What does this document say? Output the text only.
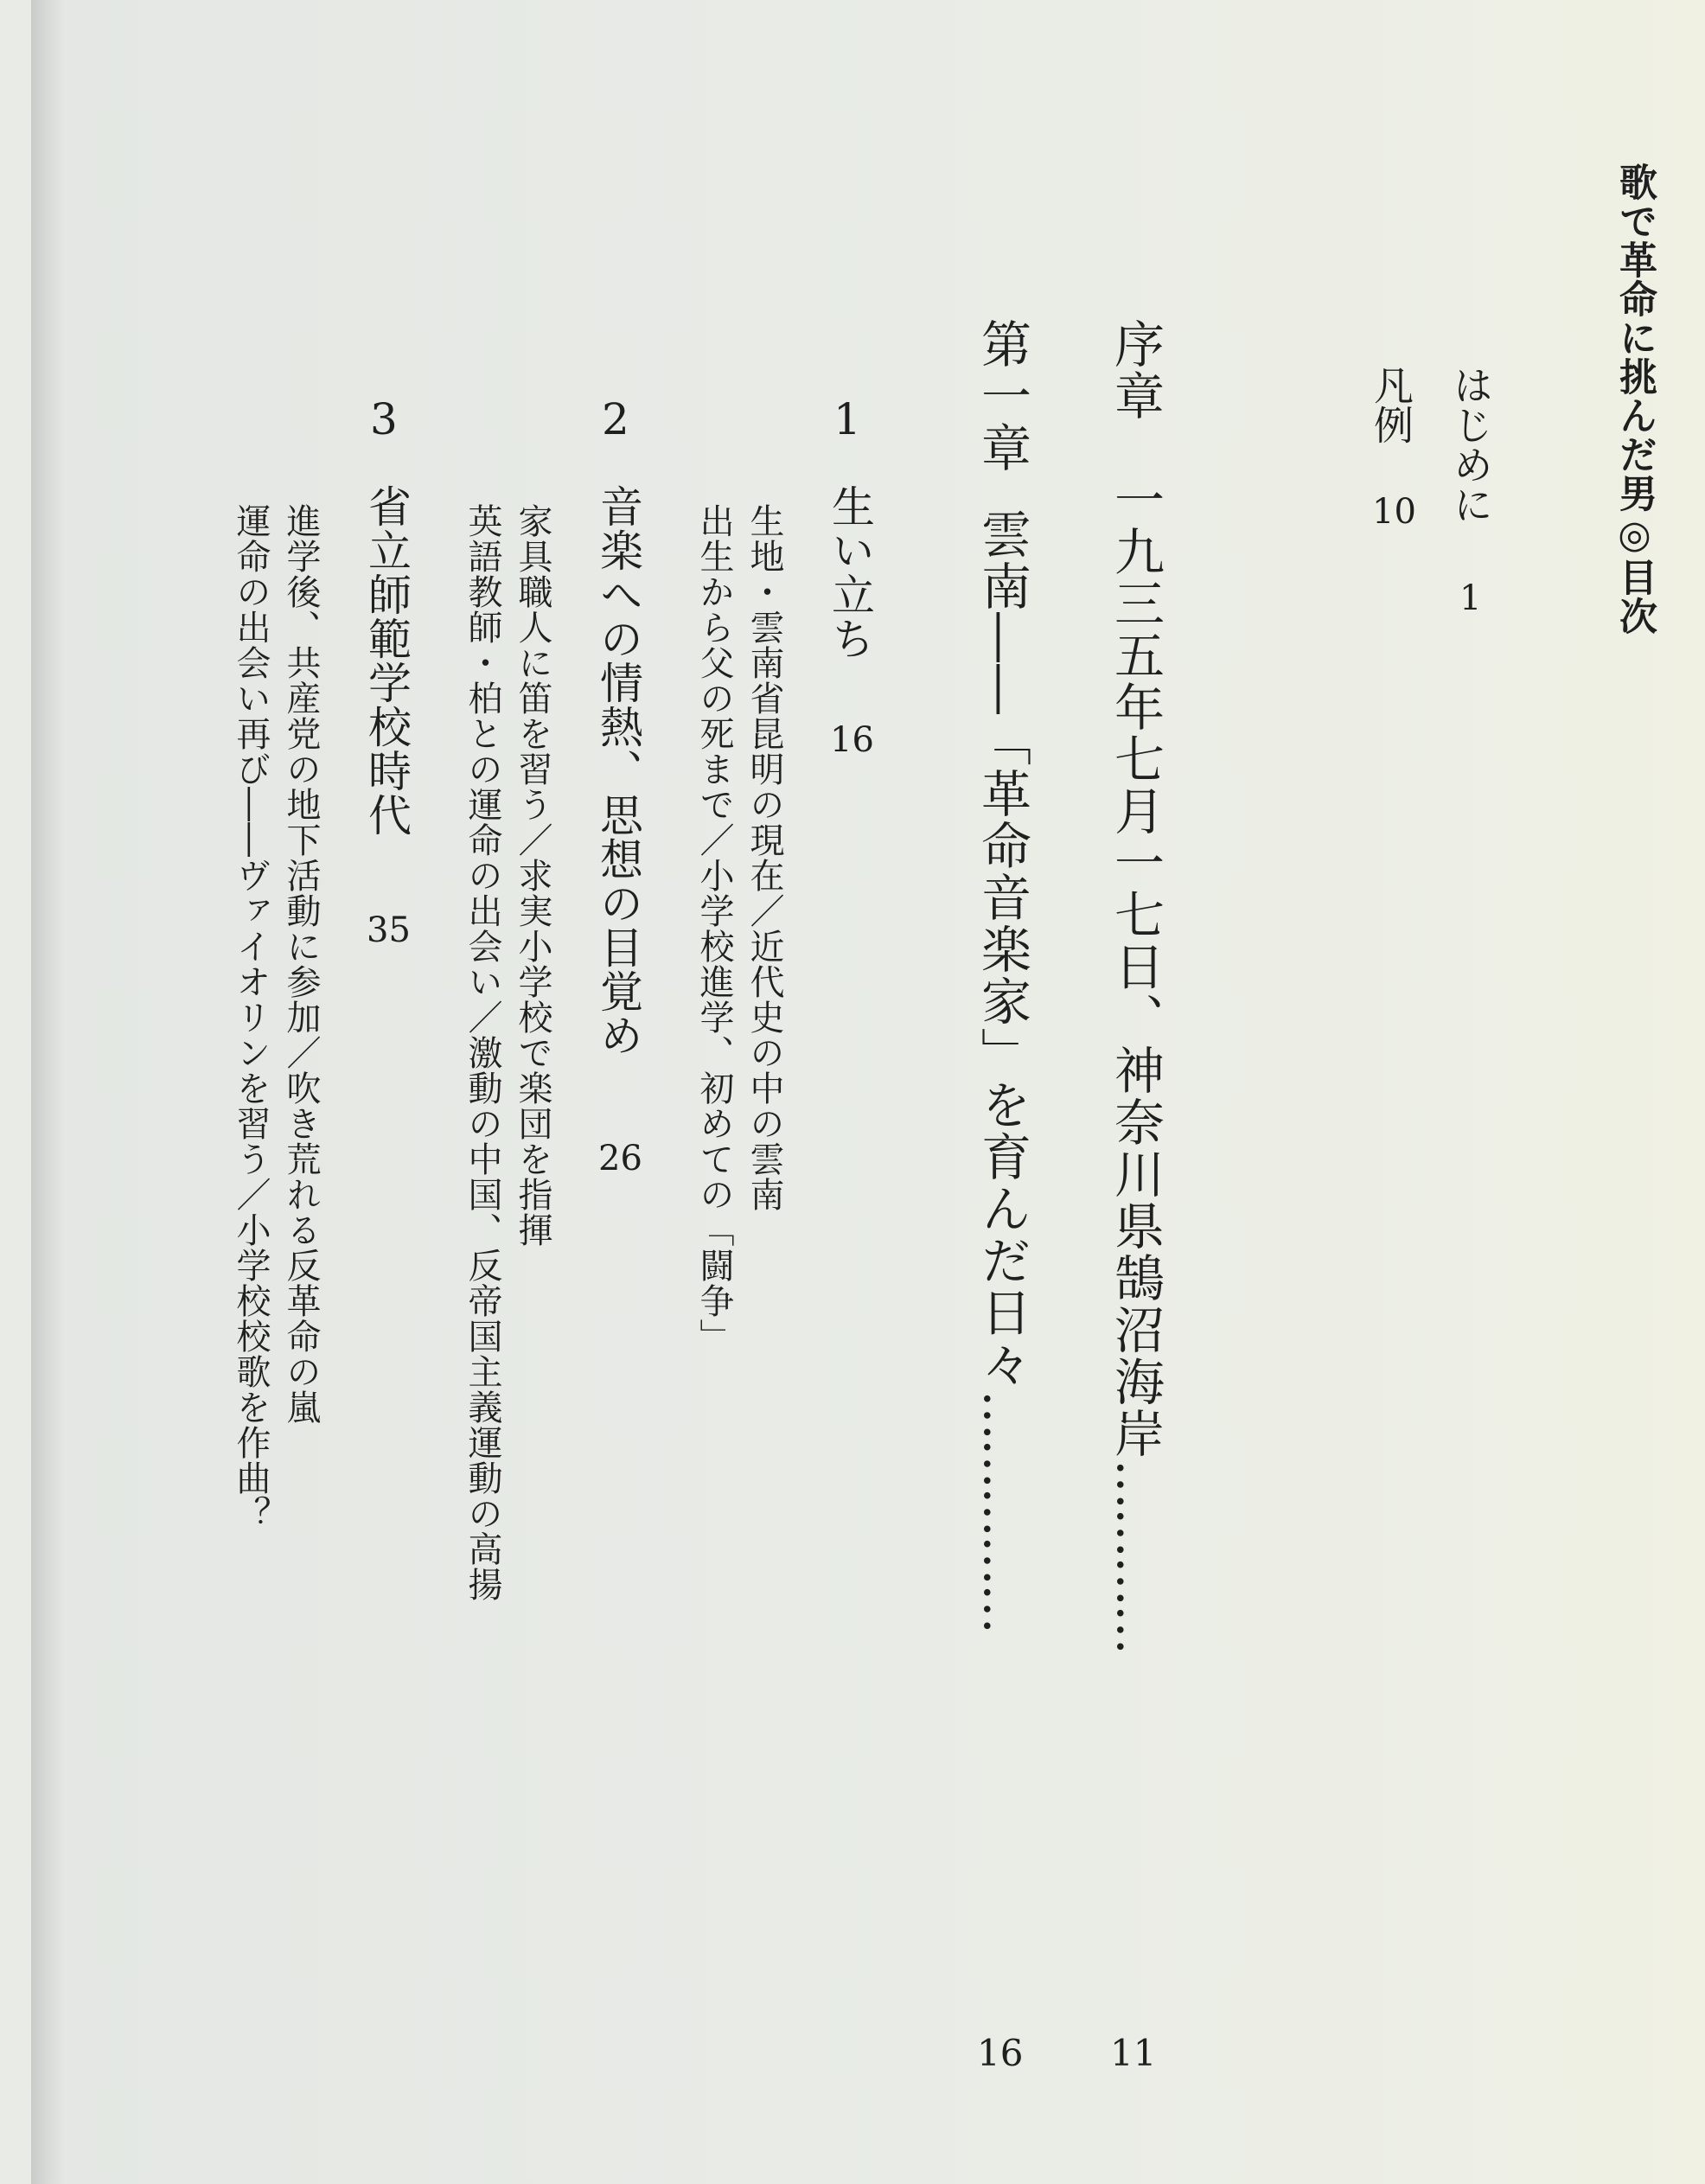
歌で革命に挑んだ男◎目次
はじめに
1
凡例
10
序章
一九三五年七月一七日、神奈川県鵠沼海岸…………
11
第一章
雲南――「革命音楽家」を育んだ日々……………
16
1
生い立ち
16
生地・雲南省昆明の現在／近代史の中の雲南
出生から父の死まで／小学校進学、初めての「闘争」
2
音楽への情熱、思想の目覚め
26
家具職人に笛を習う／求実小学校で楽団を指揮
英語教師・柏との運命の出会い／激動の中国、反帝国主義運動の高揚
3
省立師範学校時代
35
進学後、共産党の地下活動に参加／吹き荒れる反革命の嵐
運命の出会い再び――ヴァイオリンを習う／小学校校歌を作曲？
